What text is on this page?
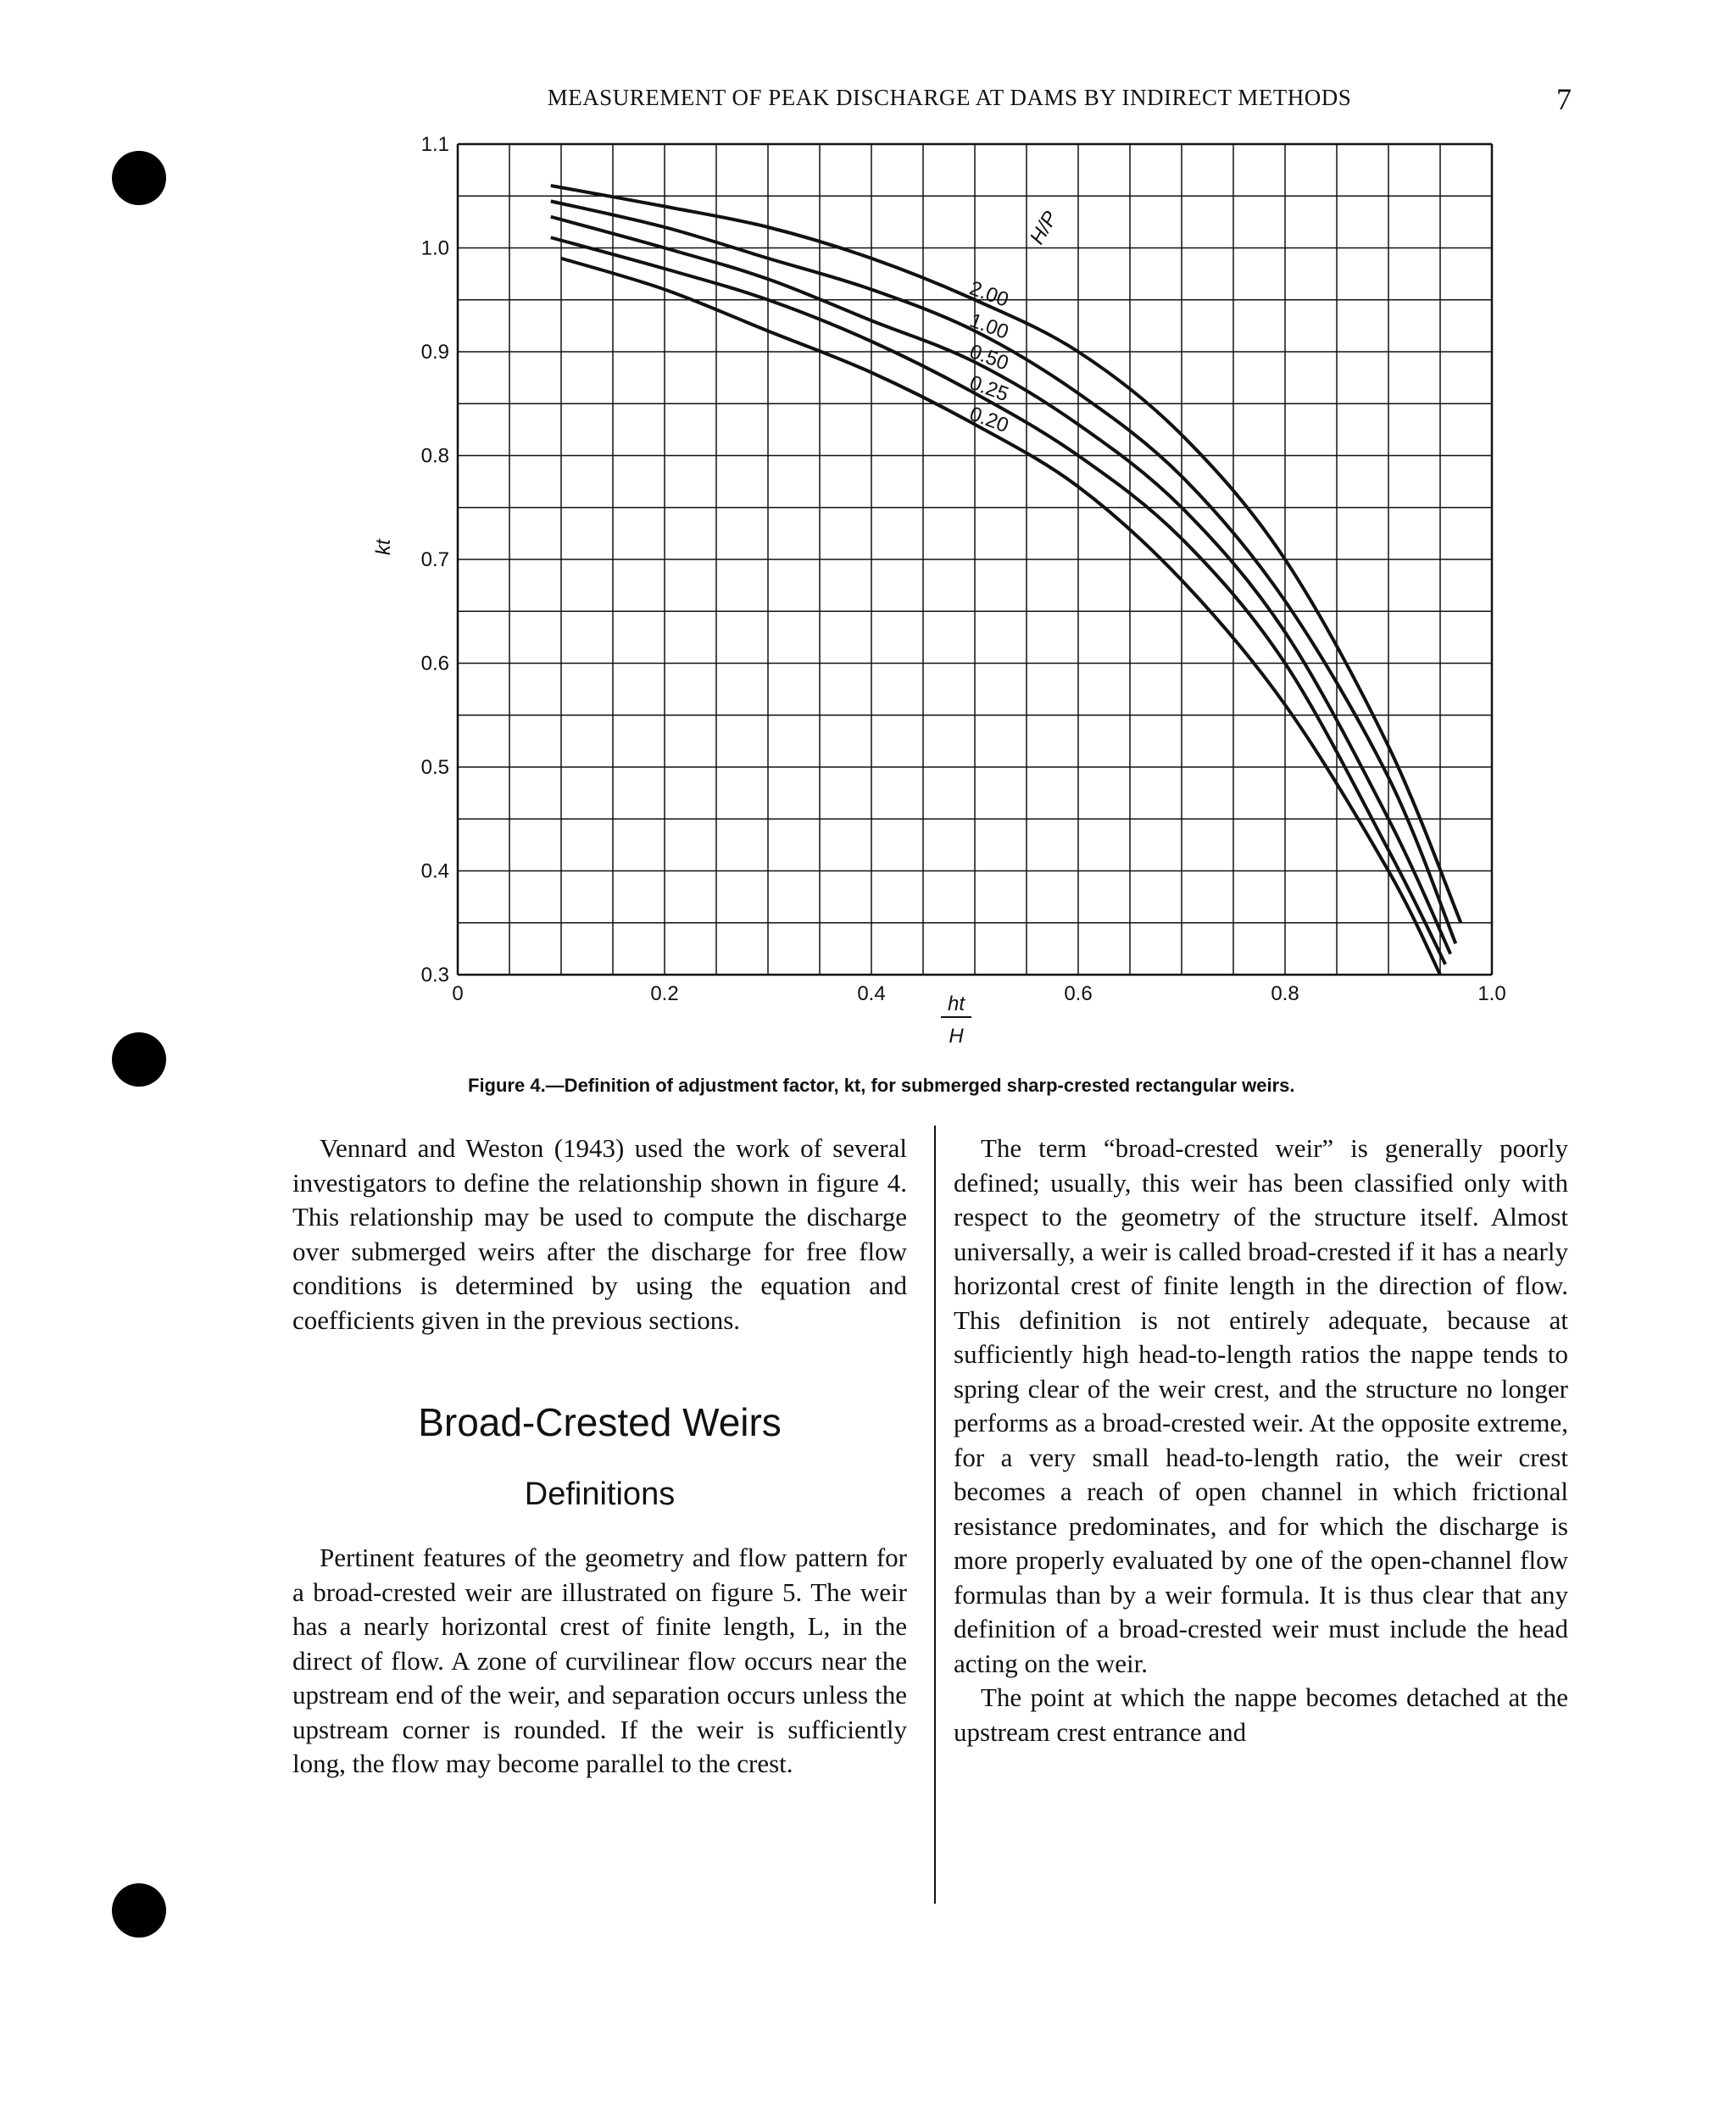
MEASUREMENT OF PEAK DISCHARGE AT DAMS BY INDIRECT METHODS	7
0.3
0.4
0.5
0.6
0.7
0.8
0.9
1.0
1.1
0	0.2	0.4	0.6	0.8	1.0
2.00
1.00
0.50
0.25
0.20
kt
ht
H
H/P
Figure 4.—Definition of adjustment factor, kt, for submerged sharp-crested rectangular weirs.

Vennard and Weston (1943) used the work of several investigators to define the relationship shown in figure 4. This relationship may be used to compute the discharge over submerged weirs after the discharge for free flow conditions is determined by using the equation and coefficients given in the previous sections.

Broad-Crested Weirs
Definitions

Pertinent features of the geometry and flow pattern for a broad-crested weir are illustrated on figure 5. The weir has a nearly horizontal crest of finite length, L, in the direct of flow. A zone of curvilinear flow occurs near the upstream end of the weir, and separation occurs unless the upstream corner is rounded. If the weir is sufficiently long, the flow may become parallel to the crest.

The term “broad-crested weir” is generally poorly defined; usually, this weir has been classified only with respect to the geometry of the structure itself. Almost universally, a weir is called broad-crested if it has a nearly horizontal crest of finite length in the direction of flow. This definition is not entirely adequate, because at sufficiently high head-to-length ratios the nappe tends to spring clear of the weir crest, and the structure no longer performs as a broad-crested weir. At the opposite extreme, for a very small head-to-length ratio, the weir crest becomes a reach of open channel in which frictional resistance predominates, and for which the discharge is more properly evaluated by one of the open-channel flow formulas than by a weir formula. It is thus clear that any definition of a broad-crested weir must include the head acting on the weir.

The point at which the nappe becomes detached at the upstream crest entrance and
